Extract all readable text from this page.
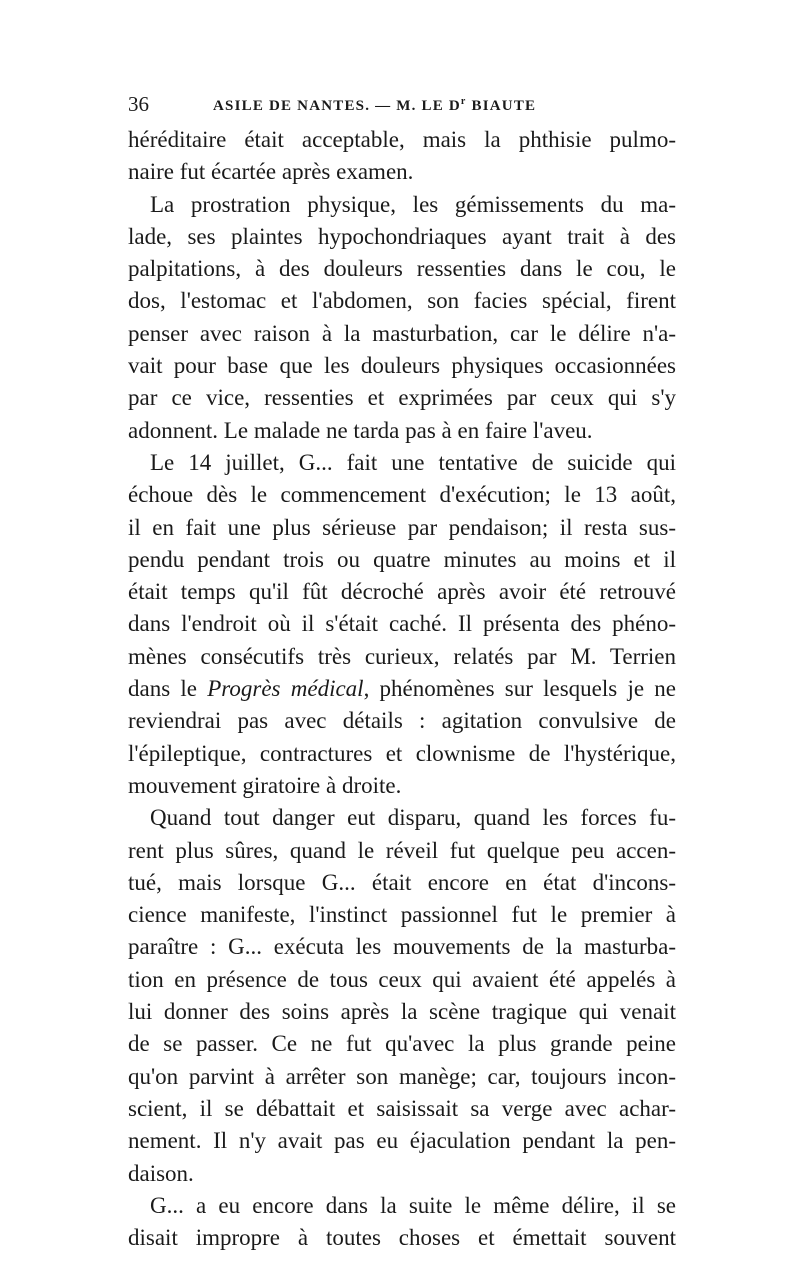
36	ASILE DE NANTES. — M. LE $D^r$ BIAUTE
héréditaire était acceptable, mais la phthisie pulmo-
naire fut écartée après examen.
La prostration physique, les gémissements du ma-
lade, ses plaintes hypochondriaques ayant trait à des
palpitations, à des douleurs ressenties dans le cou, le
dos, l'estomac et l'abdomen, son facies spécial, firent
penser avec raison à la masturbation, car le délire n'a-
vait pour base que les douleurs physiques occasionnées
par ce vice, ressenties et exprimées par ceux qui s'y
adonnent. Le malade ne tarda pas à en faire l'aveu.
Le 14 juillet, G... fait une tentative de suicide qui
échoue dès le commencement d'exécution; le 13 août,
il en fait une plus sérieuse par pendaison; il resta sus-
pendu pendant trois ou quatre minutes au moins et il
était temps qu'il fût décroché après avoir été retrouvé
dans l'endroit où il s'était caché. Il présenta des phéno-
mènes consécutifs très curieux, relatés par M. Terrien
dans le Progrès médical, phénomènes sur lesquels je ne
reviendrai pas avec détails : agitation convulsive de
l'épileptique, contractures et clownisme de l'hystérique,
mouvement giratoire à droite.
Quand tout danger eut disparu, quand les forces fu-
rent plus sûres, quand le réveil fut quelque peu accen-
tué, mais lorsque G... était encore en état d'incons-
cience manifeste, l'instinct passionnel fut le premier à
paraître : G... exécuta les mouvements de la masturba-
tion en présence de tous ceux qui avaient été appelés à
lui donner des soins après la scène tragique qui venait
de se passer. Ce ne fut qu'avec la plus grande peine
qu'on parvint à arrêter son manège; car, toujours incon-
scient, il se débattait et saisissait sa verge avec achar-
nement. Il n'y avait pas eu éjaculation pendant la pen-
daison.
G... a eu encore dans la suite le même délire, il se
disait impropre à toutes choses et émettait souvent
